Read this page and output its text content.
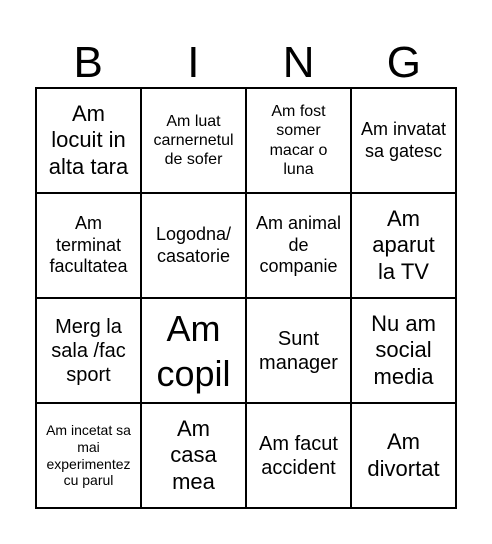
B	I	N	G
Am locuit in alta tara
Am luat carnernetul de sofer
Am fost somer macar o luna
Am invatat sa gatesc
Am terminat facultatea
Logodna/ casatorie
Am animal de companie
Am aparut la TV
Merg la sala /fac sport
Am copil
Sunt manager
Nu am social media
Am incetat sa mai experimentez cu parul
Am casa mea
Am facut accident
Am divortat
